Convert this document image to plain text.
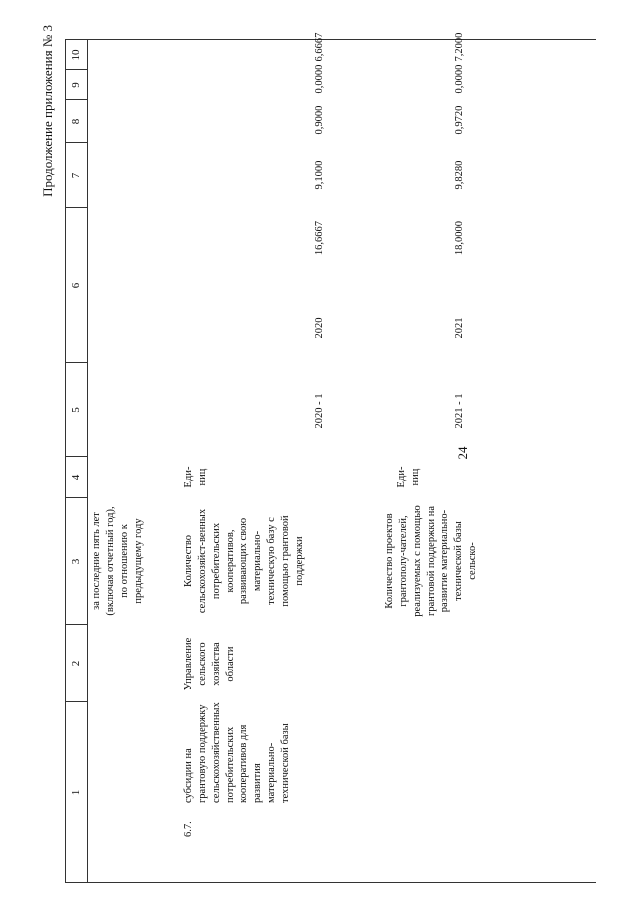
24
Продолжение приложения № 3
1
2
3
4
5
6
7
8
9
10
за последние пять лет (включая отчетный год), по отношению к предыдущему году
6.7.
субсидии на грантовую поддержку сельскохозяйственных потребительских кооперативов для развития материально-технической базы
Управление сельского хозяйства области
Количество сельскохозяйст-венных потребительских кооперативов, развивающих свою материально-техническую базу с помощью грантовой поддержки
Еди-ниц
2020 - 1
2020
16,6667
9,1000
0,9000
0,0000
6,6667
Количество проектов грантополу-чателей, реализуемых с помощью грантовой поддержки на развитие материально-технической базы сельско-
Еди-ниц
2021 - 1
2021
18,0000
9,8280
0,9720
0,0000
7,2000
